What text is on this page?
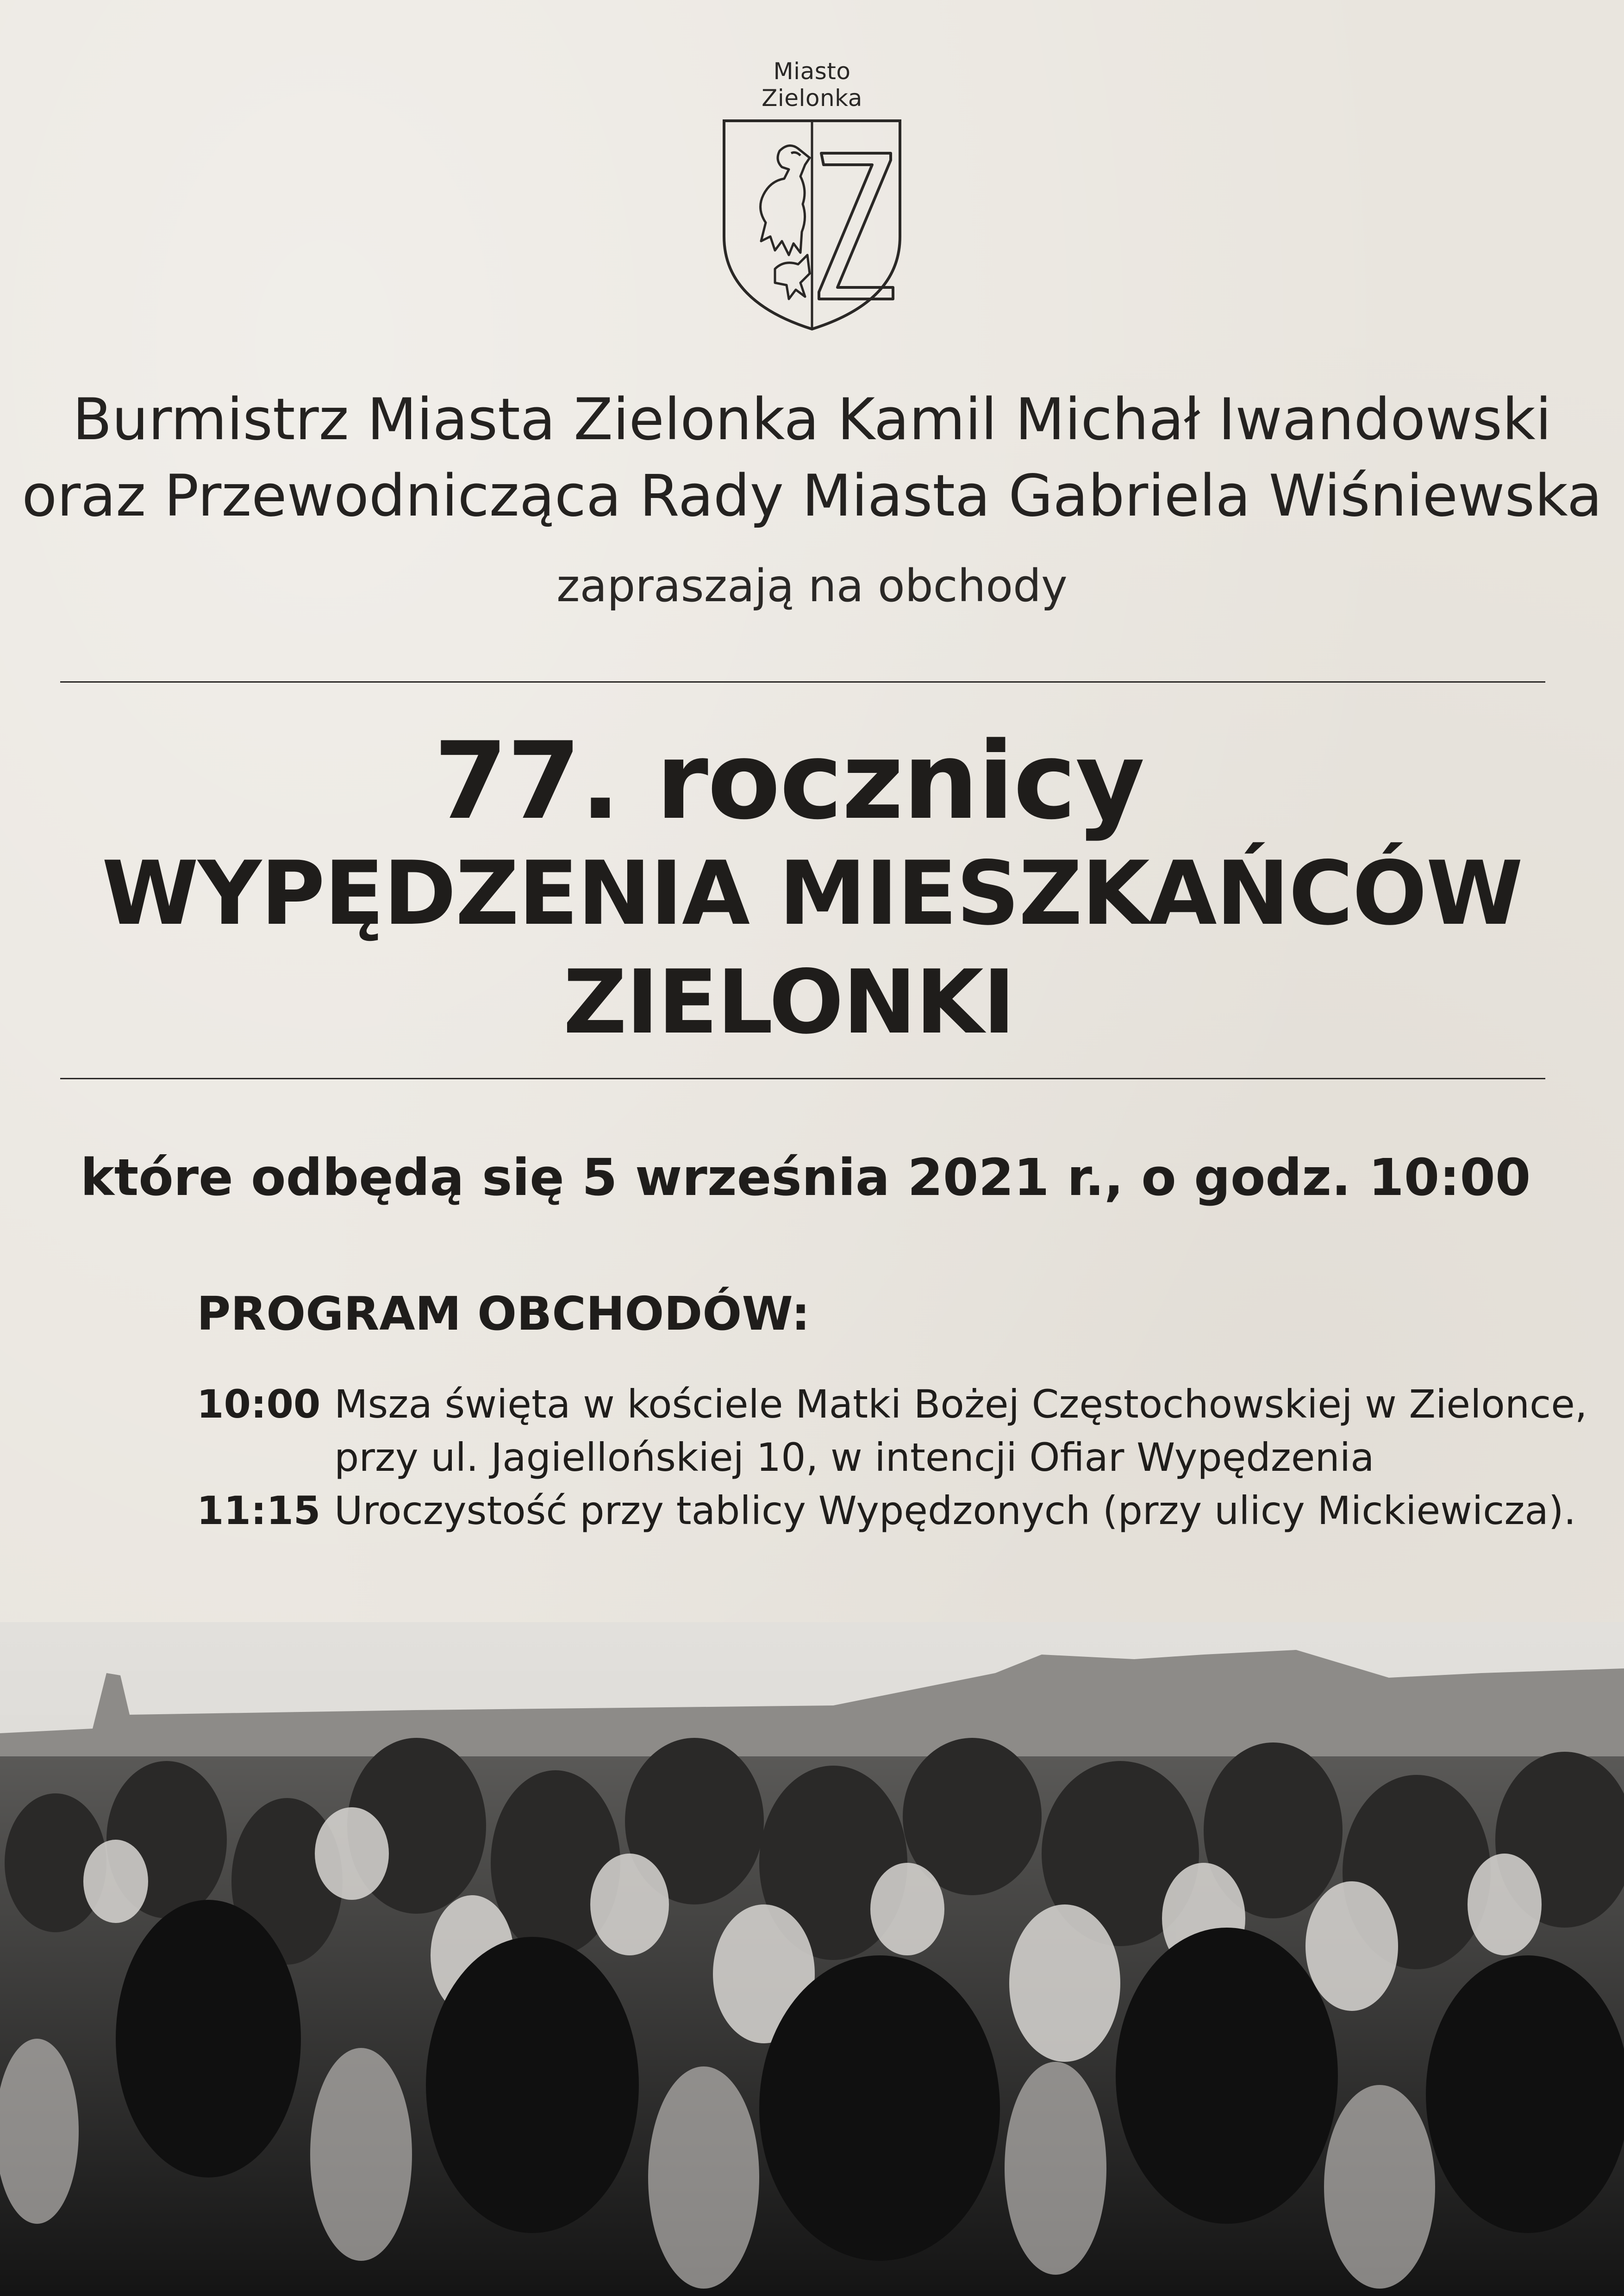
Miasto Zielonka
Burmistrz Miasta Zielonka Kamil Michał Iwandowski
oraz Przewodnicząca Rady Miasta Gabriela Wiśniewska
zapraszają na obchody
77. rocznicy
WYPĘDZENIA MIESZKAŃCÓW
ZIELONKI
które odbędą się 5 września 2021 r., o godz. 10:00
PROGRAM OBCHODÓW:
10:00 Msza święta w kościele Matki Bożej Częstochowskiej w Zielonce,
przy ul. Jagiellońskiej 10, w intencji Ofiar Wypędzenia
11:15 Uroczystość przy tablicy Wypędzonych (przy ulicy Mickiewicza).
